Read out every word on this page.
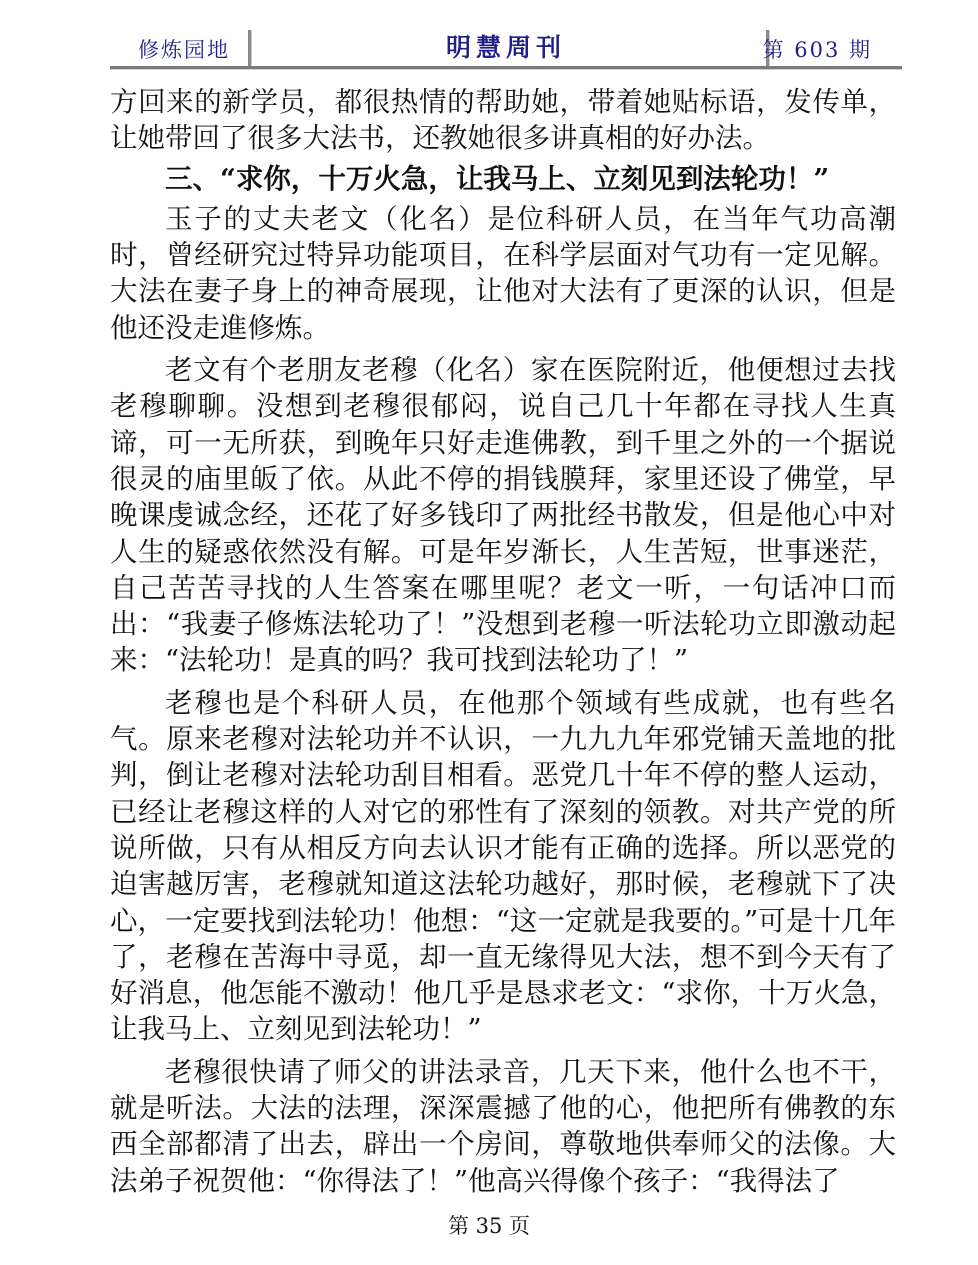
修炼园地	明慧周刊	第 603 期

方回来的新学员，都很热情的帮助她，带着她贴标语，发传单，让她带回了很多大法书，还教她很多讲真相的好办法。

三、“求你，十万火急，让我马上、立刻见到法轮功！”

玉子的丈夫老文（化名）是位科研人员，在当年气功高潮时，曾经研究过特异功能项目，在科学层面对气功有一定见解。大法在妻子身上的神奇展现，让他对大法有了更深的认识，但是他还没走進修炼。

老文有个老朋友老穆（化名）家在医院附近，他便想过去找老穆聊聊。没想到老穆很郁闷，说自己几十年都在寻找人生真谛，可一无所获，到晚年只好走進佛教，到千里之外的一个据说很灵的庙里皈了依。从此不停的捐钱膜拜，家里还设了佛堂，早晚课虔诚念经，还花了好多钱印了两批经书散发，但是他心中对人生的疑惑依然没有解。可是年岁渐长，人生苦短，世事迷茫，自己苦苦寻找的人生答案在哪里呢？老文一听，一句话冲口而出：“我妻子修炼法轮功了！”没想到老穆一听法轮功立即激动起来：“法轮功！是真的吗？我可找到法轮功了！”

老穆也是个科研人员，在他那个领域有些成就，也有些名气。原来老穆对法轮功并不认识，一九九九年邪党铺天盖地的批判，倒让老穆对法轮功刮目相看。恶党几十年不停的整人运动，已经让老穆这样的人对它的邪性有了深刻的领教。对共产党的所说所做，只有从相反方向去认识才能有正确的选择。所以恶党的迫害越厉害，老穆就知道这法轮功越好，那时候，老穆就下了决心，一定要找到法轮功！他想：“这一定就是我要的。”可是十几年了，老穆在苦海中寻觅，却一直无缘得见大法，想不到今天有了好消息，他怎能不激动！他几乎是恳求老文：“求你，十万火急，让我马上、立刻见到法轮功！”

老穆很快请了师父的讲法录音，几天下来，他什么也不干，就是听法。大法的法理，深深震撼了他的心，他把所有佛教的东西全部都清了出去，辟出一个房间，尊敬地供奉师父的法像。大法弟子祝贺他：“你得法了！”他高兴得像个孩子：“我得法了

第 35 页
